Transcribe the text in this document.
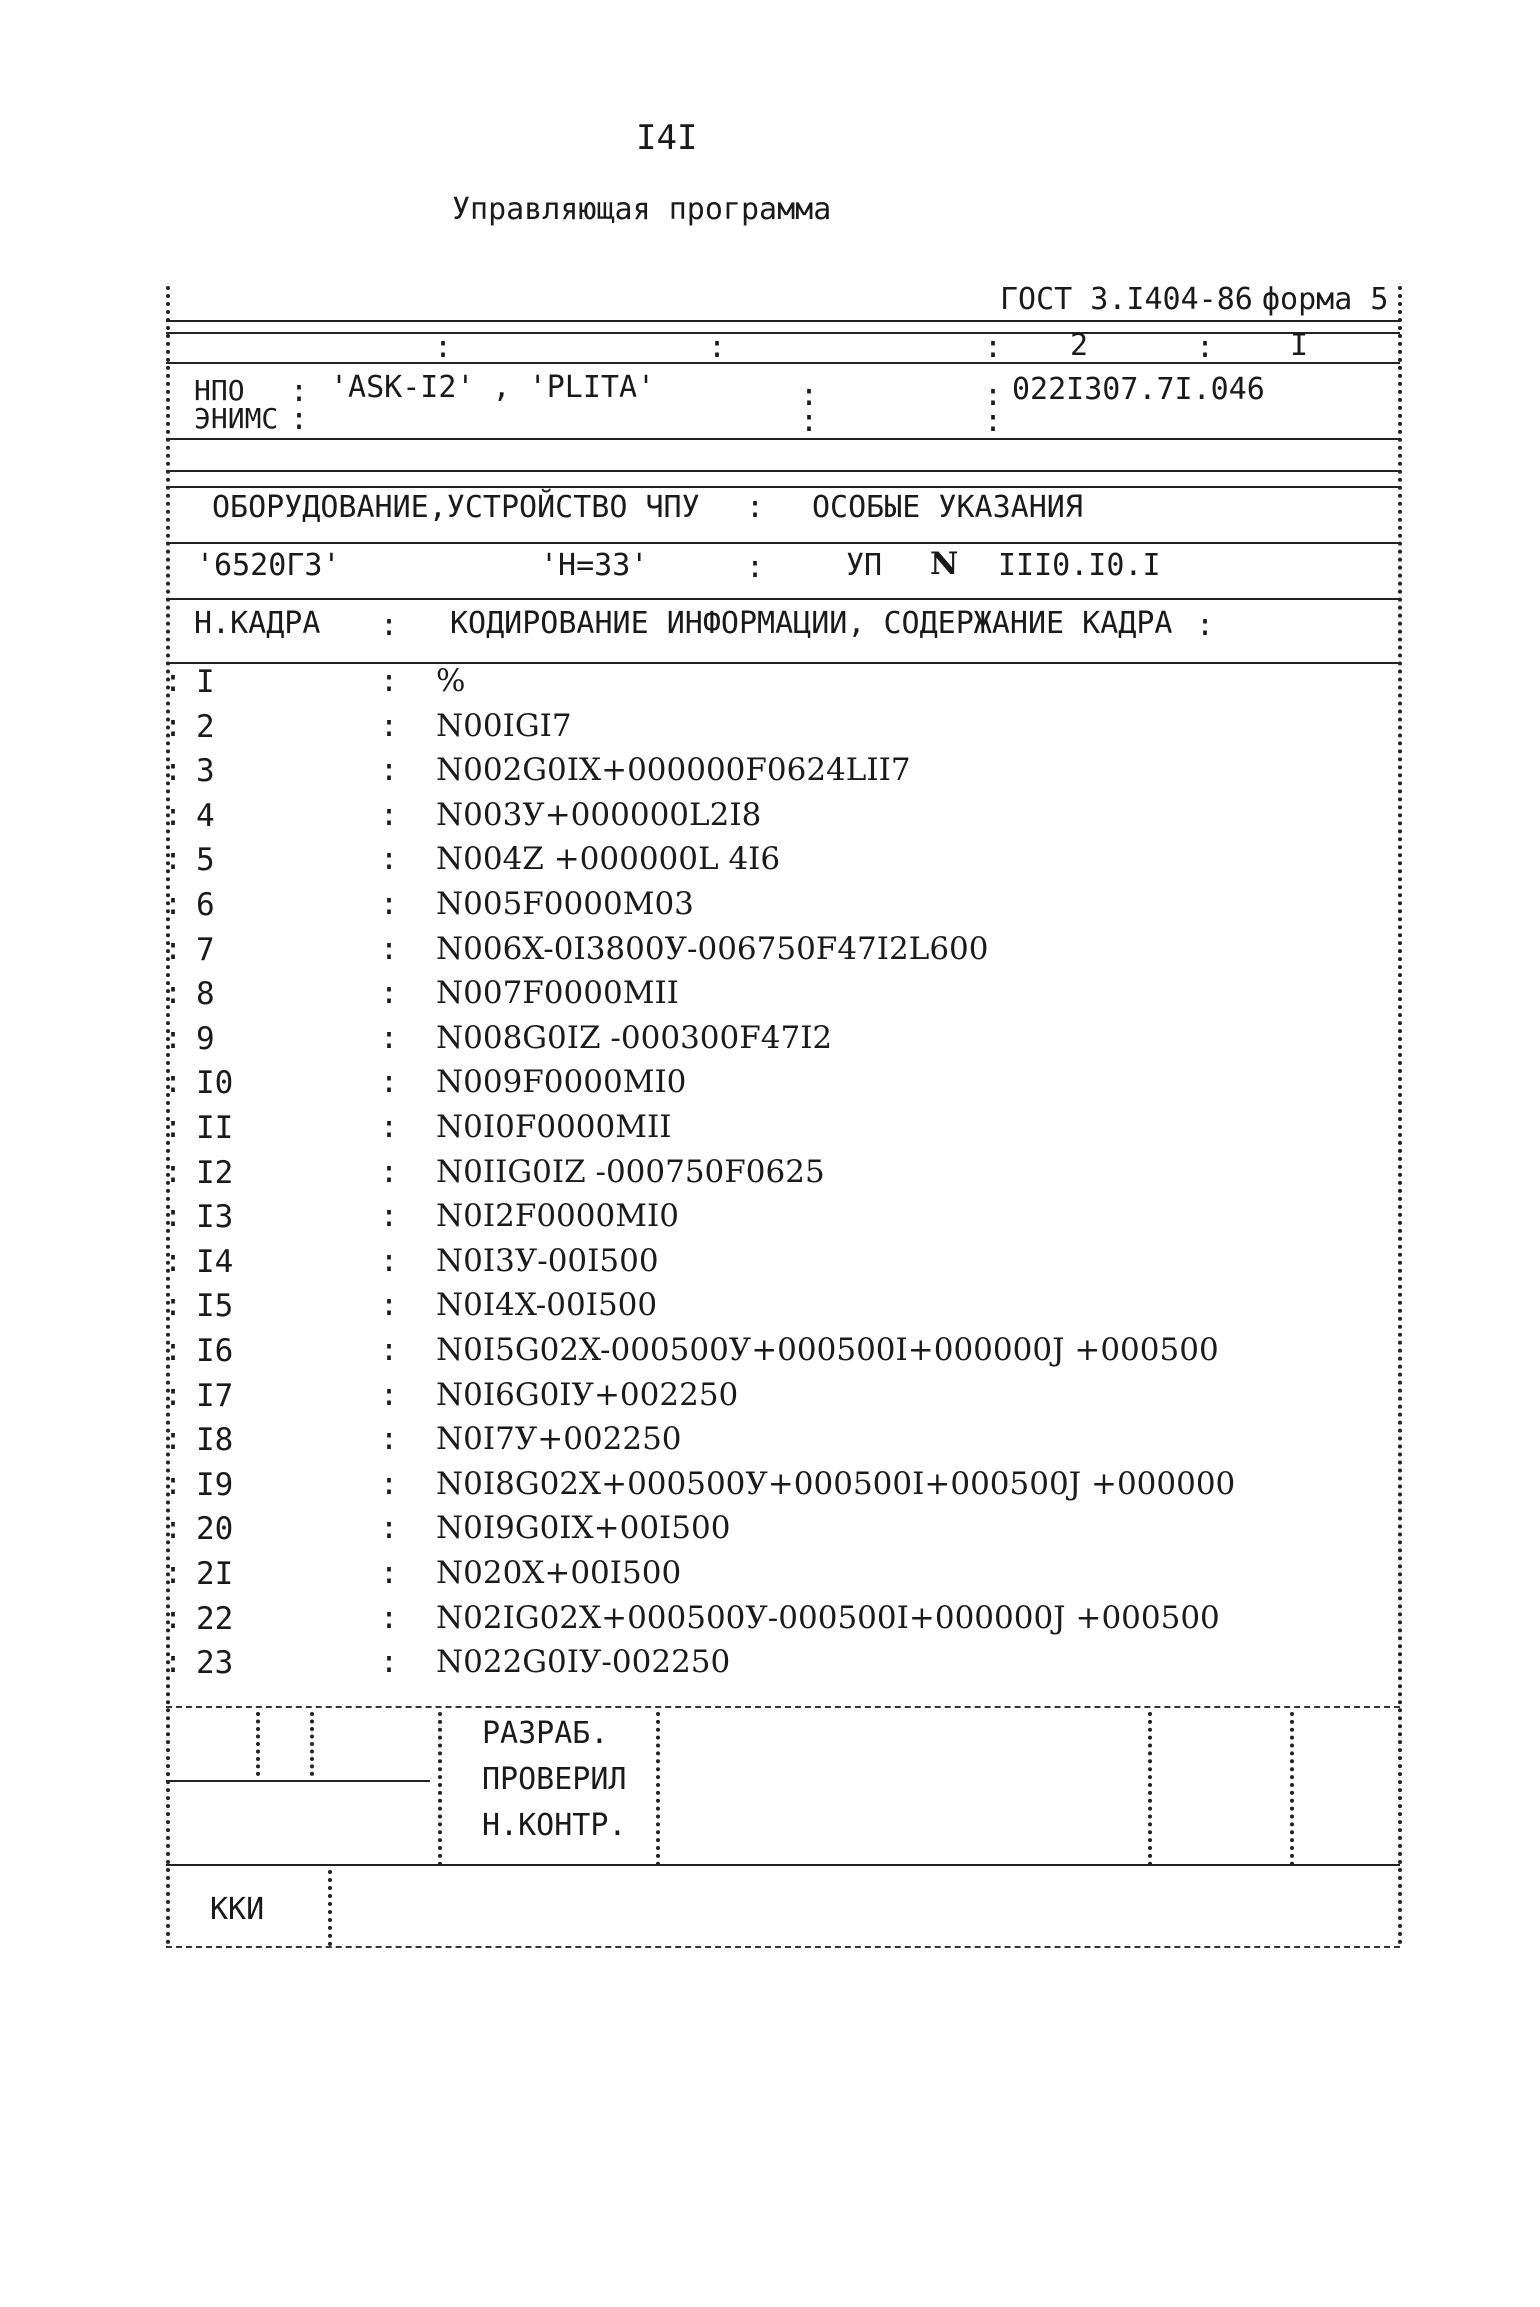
I4I
Управляющая программа
ГОСТ 3.I404-86 форма 5
:	:	: 2	:	I
НПО :
ЭНИМС :
'ASK-I2' , 'PLITA'	:
:
:
:
022I307.7I.046
ОБОРУДОВАНИЕ,УСТРОЙСТВО ЧПУ : ОСОБЫЕ УКАЗАНИЯ
'6520Г3'	'H=33'	:	УП N III0.I0.I
Н.КАДРА : КОДИРОВАНИЕ ИНФОРМАЦИИ, СОДЕРЖАНИЕ КАДРА :
: I	: %
: 2	: N00IGI7
: 3	: N002G0IX+000000F0624LII7
: 4	: N003У+000000L2I8
: 5	: N004Z +000000L 4I6
: 6	: N005F0000M03
: 7	: N006X-0I3800У-006750F47I2L600
: 8	: N007F0000MII
: 9	: N008G0IZ -000300F47I2
: I0	: N009F0000MI0
: II	: N0I0F0000MII
: I2	: N0IIG0IZ -000750F0625
: I3	: N0I2F0000MI0
: I4	: N0I3У-00I500
: I5	: N0I4X-00I500
: I6	: N0I5G02X-000500У+000500I+000000J +000500
: I7	: N0I6G0IУ+002250
: I8	: N0I7У+002250
: I9	: N0I8G02X+000500У+000500I+000500J +000000
: 20	: N0I9G0IX+00I500
: 2I	: N020X+00I500
: 22	: N02IG02X+000500У-000500I+000000J +000500
: 23	: N022G0IУ-002250
РАЗРАБ.
ПРОВЕРИЛ
Н.КОНТР.
ККИ
